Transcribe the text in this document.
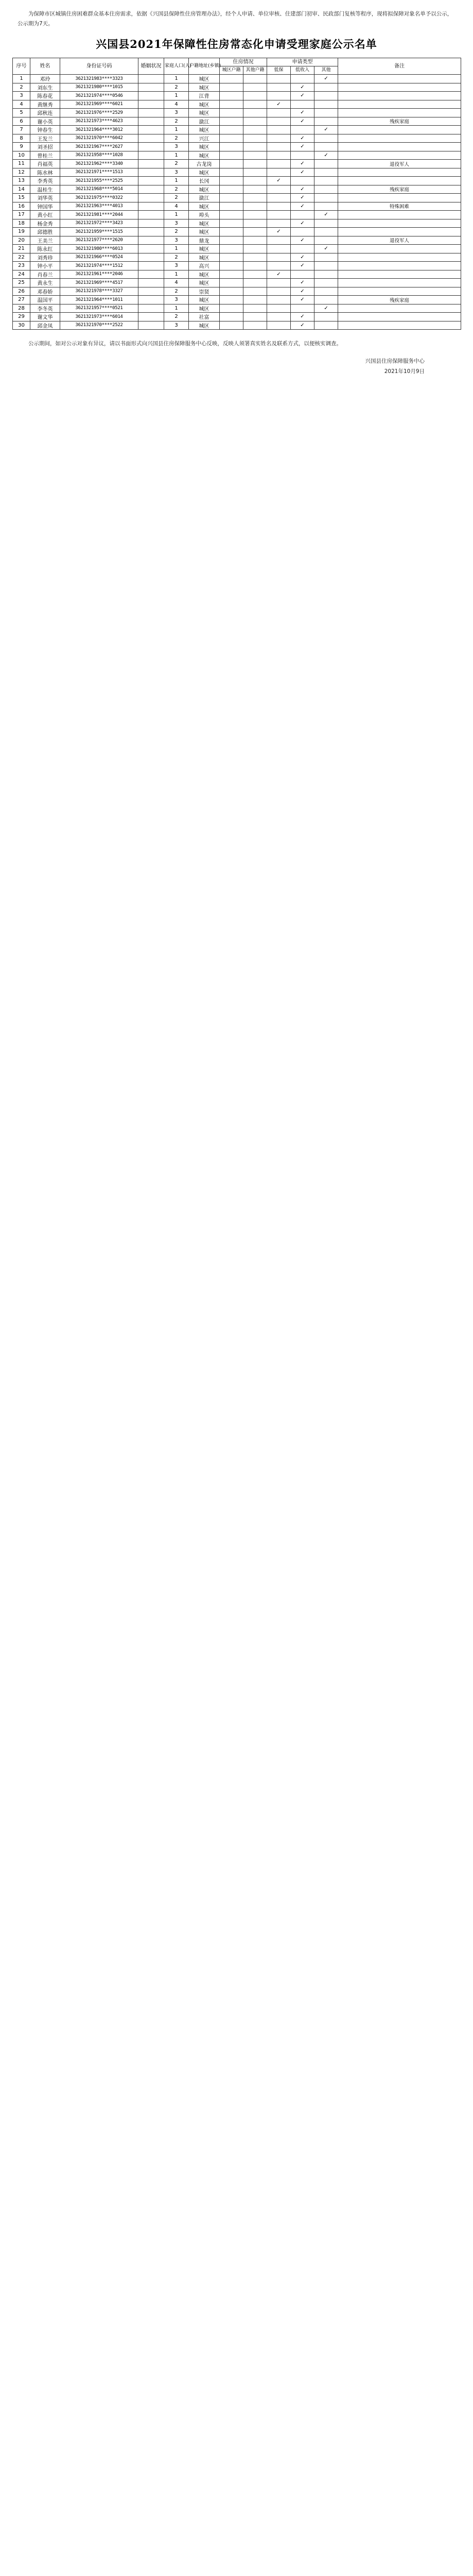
为保障市区城镇住房困难群众基本住房需求，依据《兴国县保障性住房管理办法》，经个人申请、单位审核、住建部门初审、民政部门复核等程序，现将拟保障对象名单予以公示，公示期为7天。

兴国县2021年保障性住房常态化申请受理家庭公示名单
序号	姓名	身份证号码	婚姻状况	家庭人口(人)	户籍地址(乡镇)	住房情况		申请类型			备注
						城区户籍	其他户籍	低保	低收入	其他	
1	邓玲	3621321983****3323		1	城区					✓	
2	刘东生	3621321980****1015		2	城区				✓		
3	陈春花	3621321974****0546		1	江背				✓		
4	黄继秀	3621321969****6021		4	城区			✓			
5	邱秋连	3621321976****2529		3	城区				✓		
6	谢小英	3621321973****4623		2	潋江				✓		残疾家庭
7	钟春生	3621321964****3012		1	城区					✓	
8	王发兰	3621321970****6042		2	兴江				✓		
9	刘圣招	3621321967****2627		3	城区				✓		
10	曾桂兰	3621321958****1028		1	城区					✓	
11	肖福英	3621321962****3340		2	古龙岗				✓		退役军人
12	陈水林	3621321971****1513		3	城区				✓		
13	李秀英	3621321955****2525		1	长冈			✓			
14	温桂生	3621321968****5014		2	城区				✓		残疾家庭
15	刘华英	3621321975****0322		2	潋江				✓		
16	钟国华	3621321963****4013		4	城区				✓		特殊困难
17	黄小红	3621321981****2044		1	埠头					✓	
18	杨金秀	3621321972****3423		3	城区				✓		
19	邱德胜	3621321959****1515		2	城区			✓			
20	王美兰	3621321977****2620		3	鼎龙				✓		退役军人
21	陈永红	3621321980****6013		1	城区					✓	
22	刘秀珍	3621321966****0524		2	城区				✓		
23	钟小平	3621321974****1512		3	高兴				✓		
24	肖春兰	3621321961****2046		1	城区			✓			
25	黄永生	3621321969****4517		4	城区				✓		
26	邓春娇	3621321978****3327		2	崇贤				✓		
27	温国平	3621321964****1011		3	城区				✓		残疾家庭
28	李冬英	3621321957****0521		1	城区					✓	
29	谢文华	3621321973****6014		2	社富				✓		
30	邱金凤	3621321970****2522		3	城区				✓		

公示期间，如对公示对象有异议，请以书面形式向兴国县住房保障服务中心反映，反映人须署真实姓名及联系方式，以便核实调查。

兴国县住房保障服务中心
2021年10月9日
